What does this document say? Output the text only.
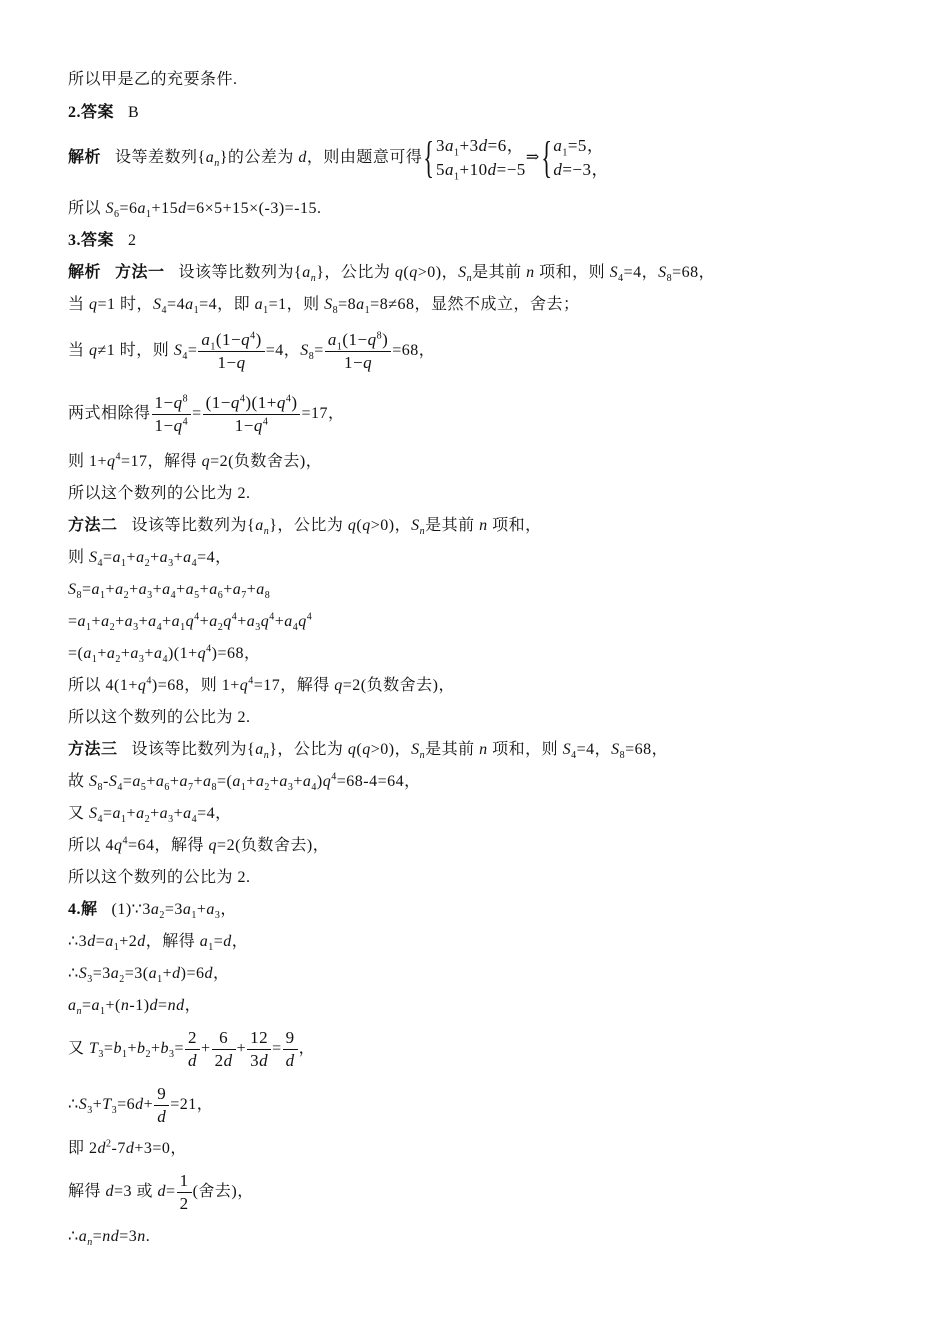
所以甲是乙的充要条件.
2.答案 B
解析 设等差数列$\{a_n\}$的公差为 d，则由题意可得{ $3a_1+3d=6$，
$5a_1+10d=-5$
⇒{ $a_1=5$，
d=−3，
所以 $S_6=6a_1+15d=6\times 5+15\times(-3)=-15$.
3.答案 2
解析 方法一 设该等比数列为$\{a_n\}$，公比为 q(q>0)，$S_n$是其前 n 项和，则 $S_4=4$，$S_8=68$，
当 q=1 时，$S_4=4a_1=4$，即 $a_1=1$，则 $S_8=8a_1=8\ne 68$，显然不成立，舍去；
当 q≠1 时，则 $S_4= \frac{a_1(1-q^4)}{1-q} =4$，$S_8= \frac{a_1(1-q^8)}{1-q} =68$，
两式相除得 $\frac{1-q^8}{1-q^4} = \frac{(1-q^4)(1+q^4)}{1-q^4} =17$，
则 $1+q^4=17$，解得 q=2(负数舍去)，
所以这个数列的公比为 2.
方法二 设该等比数列为$\{a_n\}$，公比为 q(q>0)，$S_n$是其前 n 项和，
则 $S_4=a_1+a_2+a_3+a_4=4$，
$S_8=a_1+a_2+a_3+a_4+a_5+a_6+a_7+a_8$
$=a_1+a_2+a_3+a_4+a_1q^4+a_2q^4+a_3q^4+a_4q^4$
$=(a_1+a_2+a_3+a_4)(1+q^4)=68$，
所以 $4(1+q^4)=68$，则 $1+q^4=17$，解得 q=2(负数舍去)，
所以这个数列的公比为 2.
方法三 设该等比数列为$\{a_n\}$，公比为 q(q>0)，$S_n$是其前 n 项和，则 $S_4=4$，$S_8=68$，
故 $S_8-S_4=a_5+a_6+a_7+a_8=(a_1+a_2+a_3+a_4)q^4=68-4=64$，
又 $S_4=a_1+a_2+a_3+a_4=4$，
所以 $4q^4=64$，解得 q=2(负数舍去)，
所以这个数列的公比为 2.
4.解 $(1)\because 3a_2=3a_1+a_3$，
$\therefore 3d=a_1+2d$，解得 $a_1=d$，
$\therefore S_3=3a_2=3(a_1+d)=6d$，
$a_n=a_1+(n-1)d=nd$，
又 $T_3=b_1+b_2+b_3= \frac{2}{d} + \frac{6}{2d} + \frac{12}{3d} = \frac{9}{d}$ ，
$\therefore S_3+T_3=6d+ \frac{9}{d} =21$，
即 $2d^2-7d+3=0$，
解得 d=3 或 $d= \frac{1}{2}$ (舍去)，
$\therefore a_n=nd=3n$.
